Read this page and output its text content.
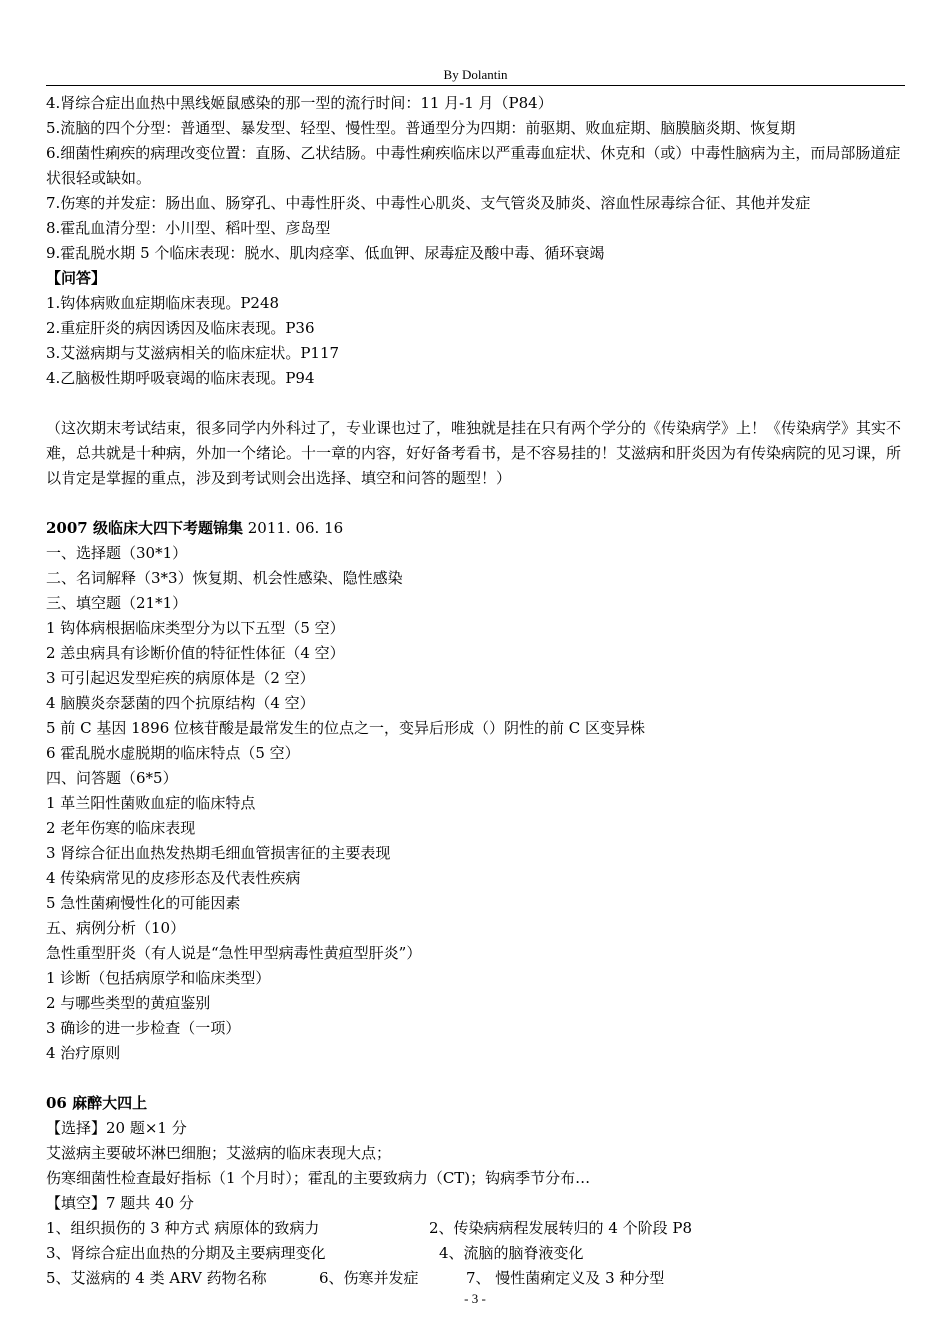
By Dolantin
4.肾综合症出血热中黑线姬鼠感染的那一型的流行时间：11 月-1 月（P84）
5.流脑的四个分型：普通型、暴发型、轻型、慢性型。普通型分为四期：前驱期、败血症期、脑膜脑炎期、恢复期
6.细菌性痢疾的病理改变位置：直肠、乙状结肠。中毒性痢疾临床以严重毒血症状、休克和（或）中毒性脑病为主，而局部肠道症状很轻或缺如。
7.伤寒的并发症：肠出血、肠穿孔、中毒性肝炎、中毒性心肌炎、支气管炎及肺炎、溶血性尿毒综合征、其他并发症
8.霍乱血清分型：小川型、稻叶型、彦岛型
9.霍乱脱水期 5 个临床表现：脱水、肌肉痉挛、低血钾、尿毒症及酸中毒、循环衰竭
【问答】
1.钩体病败血症期临床表现。P248
2.重症肝炎的病因诱因及临床表现。P36
3.艾滋病期与艾滋病相关的临床症状。P117
4.乙脑极性期呼吸衰竭的临床表现。P94
（这次期末考试结束，很多同学内外科过了，专业课也过了，唯独就是挂在只有两个学分的《传染病学》上！《传染病学》其实不难，总共就是十种病，外加一个绪论。十一章的内容，好好备考看书，是不容易挂的！艾滋病和肝炎因为有传染病院的见习课，所以肯定是掌握的重点，涉及到考试则会出选择、填空和问答的题型！）
2007 级临床大四下考题锦集 2011. 06. 16
一、选择题（30*1）
二、名词解释（3*3）恢复期、机会性感染、隐性感染
三、填空题（21*1）
1 钩体病根据临床类型分为以下五型（5 空）
2 恙虫病具有诊断价值的特征性体征（4 空）
3 可引起迟发型疟疾的病原体是（2 空）
4 脑膜炎奈瑟菌的四个抗原结构（4 空）
5 前 C 基因 1896 位核苷酸是最常发生的位点之一，变异后形成（）阴性的前 C 区变异株
6 霍乱脱水虚脱期的临床特点（5 空）
四、问答题（6*5）
1 革兰阳性菌败血症的临床特点
2 老年伤寒的临床表现
3 肾综合征出血热发热期毛细血管损害征的主要表现
4 传染病常见的皮疹形态及代表性疾病
5 急性菌痢慢性化的可能因素
五、病例分析（10）
急性重型肝炎（有人说是“急性甲型病毒性黄疸型肝炎”）
1 诊断（包括病原学和临床类型）
2 与哪些类型的黄疸鉴别
3 确诊的进一步检查（一项）
4 治疗原则
06 麻醉大四上
【选择】20 题×1 分
艾滋病主要破坏淋巴细胞；艾滋病的临床表现大点；
伤寒细菌性检查最好指标（1 个月时）；霍乱的主要致病力（CT)；钩病季节分布…
【填空】7 题共 40 分
1、组织损伤的 3 种方式 病原体的致病力	2、传染病病程发展转归的 4 个阶段 P8
3、肾综合症出血热的分期及主要病理变化	4、流脑的脑脊液变化
5、艾滋病的 4 类 ARV 药物名称	6、伤寒并发症	7、 慢性菌痢定义及 3 种分型
- 3 -
